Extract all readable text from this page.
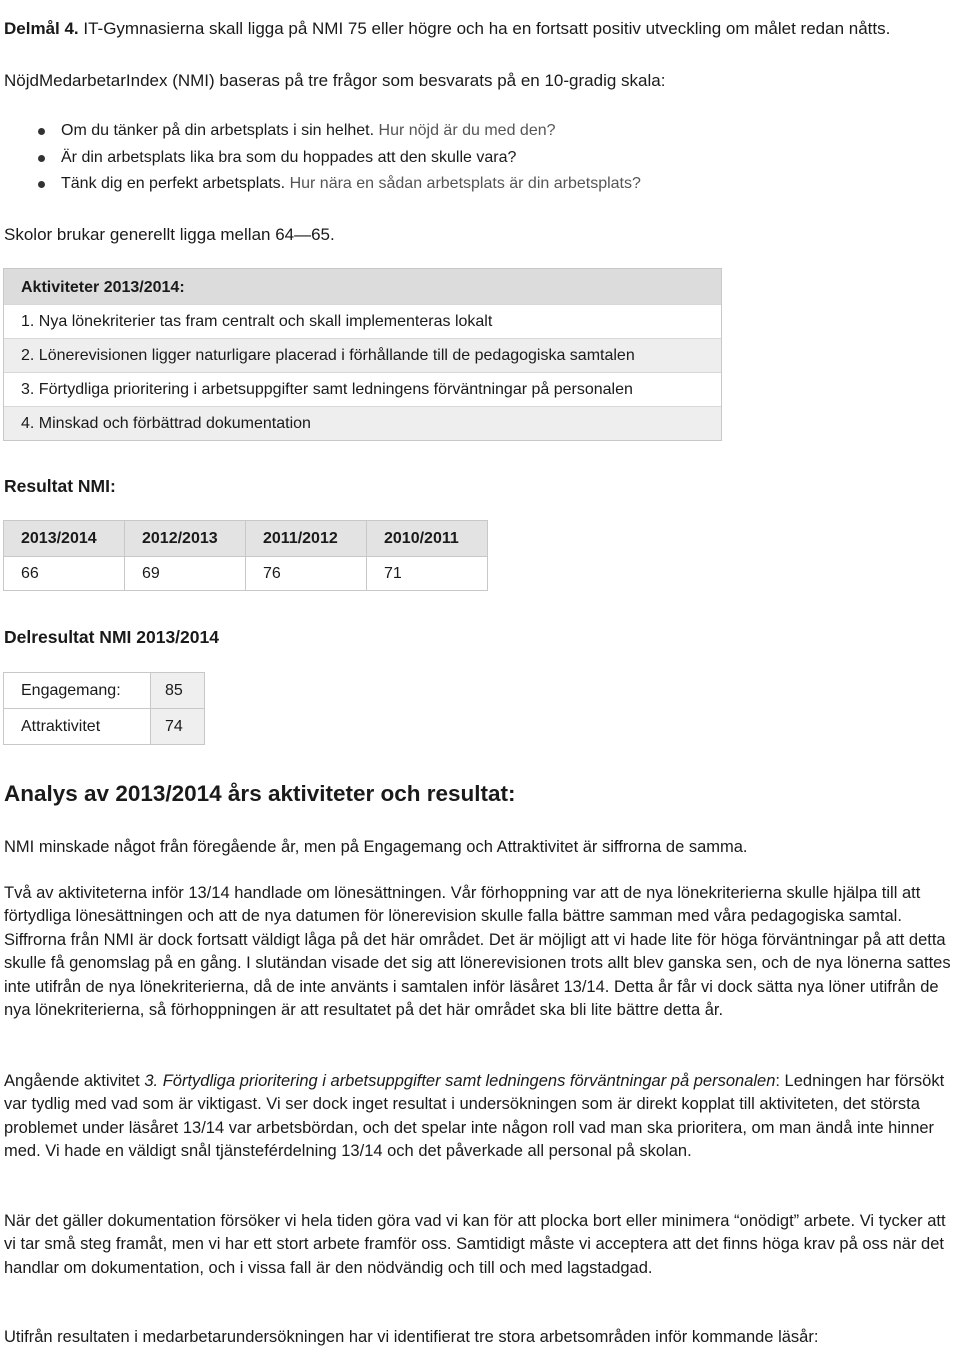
Delmål 4. IT-Gymnasierna skall ligga på NMI 75 eller högre och ha en fortsatt positiv utveckling om målet redan nåtts.

NöjdMedarbetarIndex (NMI) baseras på tre frågor som besvarats på en 10-gradig skala:

Om du tänker på din arbetsplats i sin helhet. Hur nöjd är du med den?
Är din arbetsplats lika bra som du hoppades att den skulle vara?
Tänk dig en perfekt arbetsplats. Hur nära en sådan arbetsplats är din arbetsplats?

Skolor brukar generellt ligga mellan 64—65.

Aktiviteter 2013/2014:
1. Nya lönekriterier tas fram centralt och skall implementeras lokalt
2. Lönerevisionen ligger naturligare placerad i förhållande till de pedagogiska samtalen
3. Förtydliga prioritering i arbetsuppgifter samt ledningens förväntningar på personalen
4. Minskad och förbättrad dokumentation
Resultat NMI:
2013/2014	2012/2013	2011/2012	2010/2011
66	69	76	71
Delresultat NMI 2013/2014
Engagemang:	85
Attraktivitet	74
Analys av 2013/2014 års aktiviteter och resultat:

NMI minskade något från föregående år, men på Engagemang och Attraktivitet är siffrorna de samma.

Två av aktiviteterna inför 13/14 handlade om lönesättningen. Vår förhoppning var att de nya lönekriterierna skulle hjälpa till att förtydliga lönesättningen och att de nya datumen för lönerevision skulle falla bättre samman med våra pedagogiska samtal. Siffrorna från NMI är dock fortsatt väldigt låga på det här området. Det är möjligt att vi hade lite för höga förväntningar på att detta skulle få genomslag på en gång. I slutändan visade det sig att lönerevisionen trots allt blev ganska sen, och de nya lönerna sattes inte utifrån de nya lönekriterierna, då de inte använts i samtalen inför läsåret 13/14. Detta år får vi dock sätta nya löner utifrån de nya lönekriterierna, så förhoppningen är att resultatet på det här området ska bli lite bättre detta år.

Angående aktivitet 3. Förtydliga prioritering i arbetsuppgifter samt ledningens förväntningar på personalen: Ledningen har försökt var tydlig med vad som är viktigast. Vi ser dock inget resultat i undersökningen som är direkt kopplat till aktiviteten, det största problemet under läsåret 13/14 var arbetsbördan, och det spelar inte någon roll vad man ska prioritera, om man ändå inte hinner med. Vi hade en väldigt snål tjänsteférdelning 13/14 och det påverkade all personal på skolan.

När det gäller dokumentation försöker vi hela tiden göra vad vi kan för att plocka bort eller minimera “onödigt” arbete. Vi tycker att vi tar små steg framåt, men vi har ett stort arbete framför oss. Samtidigt måste vi acceptera att det finns höga krav på oss när det handlar om dokumentation, och i vissa fall är den nödvändig och till och med lagstadgad.

Utifrån resultaten i medarbetarundersökningen har vi identifierat tre stora arbetsområden inför kommande läsår:
